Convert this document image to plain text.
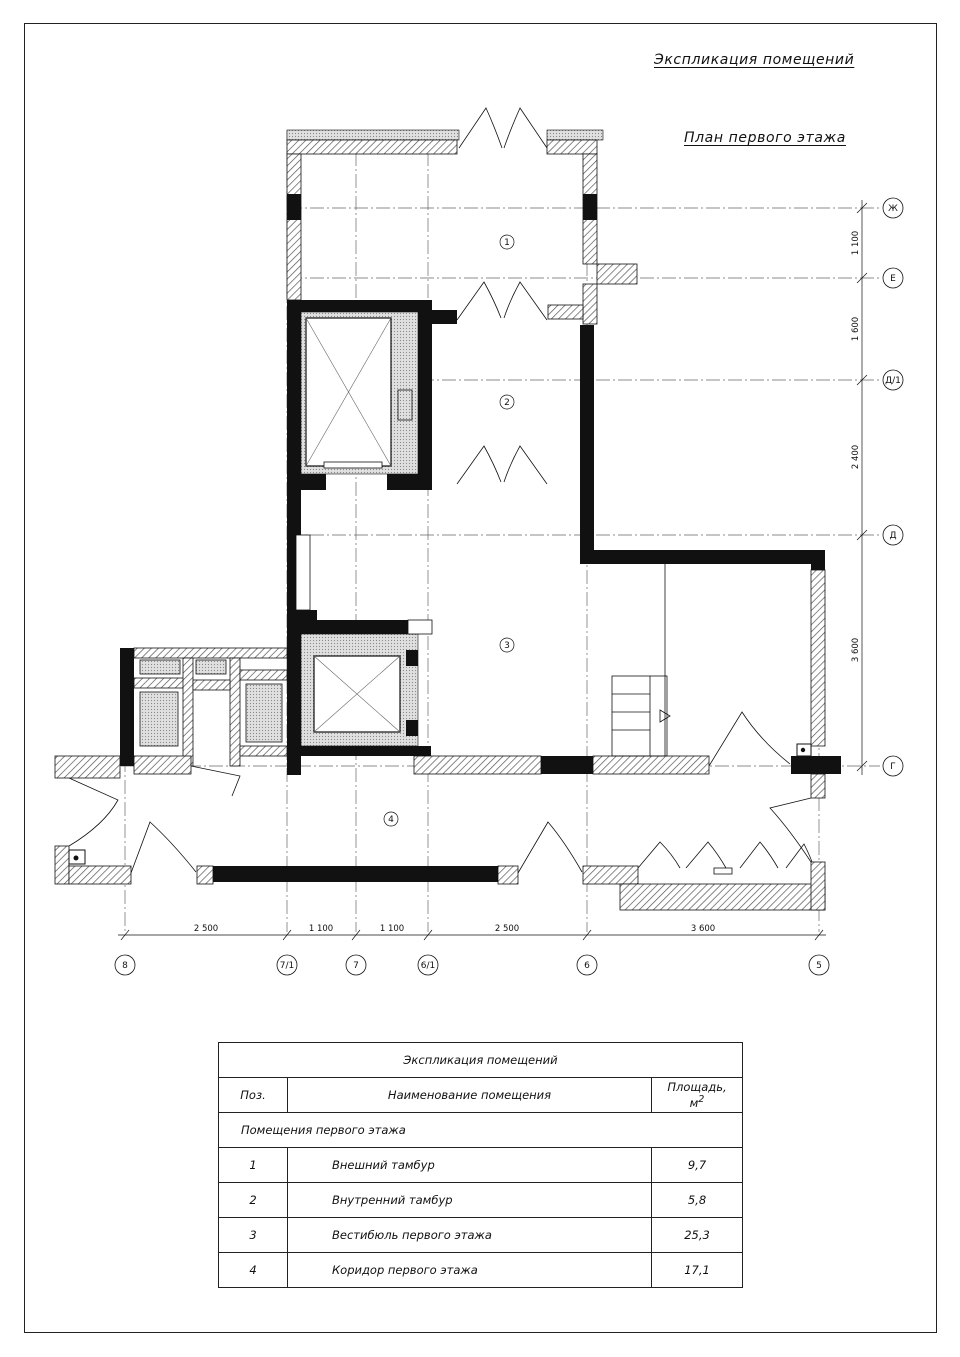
Экспликация помещений
План первого этажа
1
2
3
4
1 100
1 600
2 400
3 600
Ж
Е
Д/1
Д
Г
2 500	1 100	1 100	2 500	3 600
8	7/1	7	6/1	6	5
Экспликация помещений		
Поз.	Наименование помещения	Площадь, $м^2$
Помещения первого этажа		
1	Внешний тамбур	9,7
2	Внутренний тамбур	5,8
3	Вестибюль первого этажа	25,3
4	Коридор первого этажа	17,1
